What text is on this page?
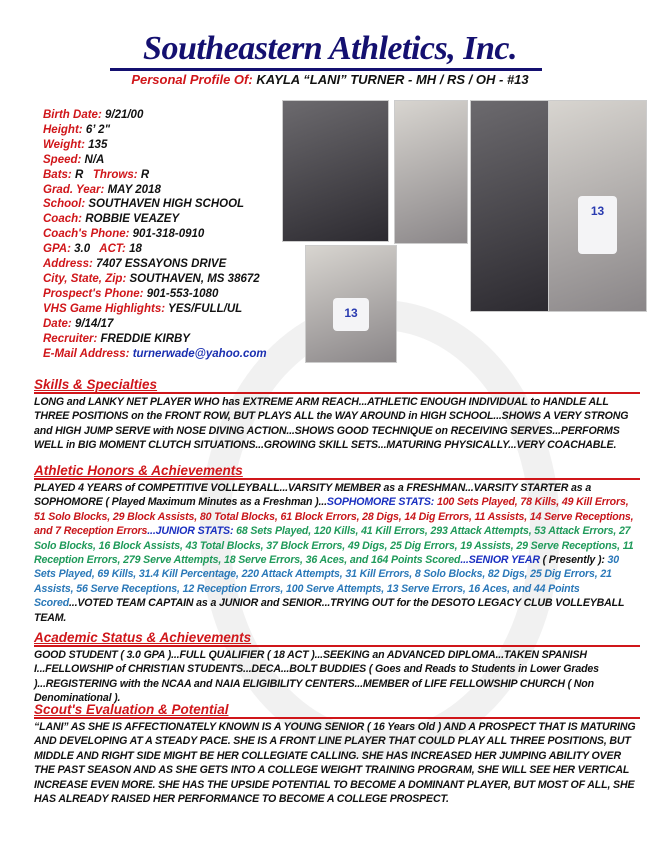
Southeastern Athletics, Inc.
Personal Profile Of: KAYLA “LANI” TURNER - MH / RS / OH - #13
Birth Date: 9/21/00
Height: 6’ 2"
Weight: 135
Speed: N/A
Bats: R Throws: R
Grad. Year: MAY 2018
School: SOUTHAVEN HIGH SCHOOL
Coach: ROBBIE VEAZEY
Coach's Phone: 901-318-0910
GPA: 3.0 ACT: 18
Address: 7407 ESSAYONS DRIVE
City, State, Zip: SOUTHAVEN, MS 38672
Prospect's Phone: 901-553-1080
VHS Game Highlights: YES/FULL/UL
Date: 9/14/17
Recruiter: FREDDIE KIRBY
E-Mail Address: turnerwade@yahoo.com
13
13
Skills & Specialties

LONG and LANKY NET PLAYER WHO has EXTREME ARM REACH...ATHLETIC ENOUGH INDIVIDUAL to HANDLE ALL THREE POSITIONS on the FRONT ROW, BUT PLAYS ALL the WAY AROUND in HIGH SCHOOL...SHOWS A VERY STRONG and HIGH JUMP SERVE with NOSE DIVING ACTION...SHOWS GOOD TECHNIQUE on RECEIVING SERVES...PERFORMS WELL in BIG MOMENT CLUTCH SITUATIONS...GROWING SKILL SETS...MATURING PHYSICALLY...VERY COACHABLE.

Athletic Honors & Achievements

PLAYED 4 YEARS of COMPETITIVE VOLLEYBALL...VARSITY MEMBER as a FRESHMAN...VARSITY STARTER as a SOPHOMORE ( Played Maximum Minutes as a Freshman )...SOPHOMORE STATS: 100 Sets Played, 78 Kills, 49 Kill Errors, 51 Solo Blocks, 29 Block Assists, 80 Total Blocks, 61 Block Errors, 28 Digs, 14 Dig Errors, 11 Assists, 14 Serve Receptions, and 7 Reception Errors...JUNIOR STATS: 68 Sets Played, 120 Kills, 41 Kill Errors, 293 Attack Attempts, 53 Attack Errors, 27 Solo Blocks, 16 Block Assists, 43 Total Blocks, 37 Block Errors, 49 Digs, 25 Dig Errors, 19 Assists, 29 Serve Receptions, 11 Reception Errors, 279 Serve Attempts, 18 Serve Errors, 36 Aces, and 164 Points Scored...SENIOR YEAR ( Presently ): 30 Sets Played, 69 Kills, 31.4 Kill Percentage, 220 Attack Attempts, 31 Kill Errors, 8 Solo Blocks, 82 Digs, 25 Dig Errors, 21 Assists, 56 Serve Receptions, 12 Reception Errors, 100 Serve Attempts, 13 Serve Errors, 16 Aces, and 44 Points Scored...VOTED TEAM CAPTAIN as a JUNIOR and SENIOR...TRYING OUT for the DESOTO LEGACY CLUB VOLLEYBALL TEAM.

Academic Status & Achievements

GOOD STUDENT ( 3.0 GPA )...FULL QUALIFIER ( 18 ACT )...SEEKING an ADVANCED DIPLOMA...TAKEN SPANISH I...FELLOWSHIP of CHRISTIAN STUDENTS...DECA...BOLT BUDDIES ( Goes and Reads to Students in Lower Grades )...REGISTERING with the NCAA and NAIA ELIGIBILITY CENTERS...MEMBER of LIFE FELLOWSHIP CHURCH ( Non Denominational ).

Scout's Evaluation & Potential

“LANI” AS SHE IS AFFECTIONATELY KNOWN IS A YOUNG SENIOR ( 16 Years Old ) AND A PROSPECT THAT IS MATURING AND DEVELOPING AT A STEADY PACE. SHE IS A FRONT LINE PLAYER THAT COULD PLAY ALL THREE POSITIONS, BUT MIDDLE AND RIGHT SIDE MIGHT BE HER COLLEGIATE CALLING. SHE HAS INCREASED HER JUMPING ABILITY OVER THE PAST SEASON AND AS SHE GETS INTO A COLLEGE WEIGHT TRAINING PROGRAM, SHE WILL SEE HER VERTICAL INCREASE EVEN MORE. SHE HAS THE UPSIDE POTENTIAL TO BECOME A DOMINANT PLAYER, BUT MOST OF ALL, SHE HAS ALREADY RAISED HER PERFORMANCE TO BECOME A COLLEGE PROSPECT.
